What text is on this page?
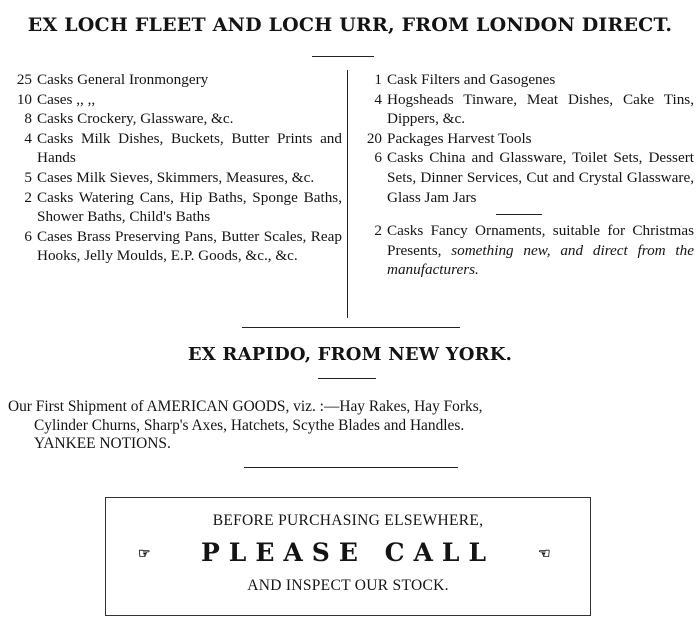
EX LOCH FLEET AND LOCH URR, FROM LONDON DIRECT.
25 Casks General Ironmongery
10 Cases ,, ,,
8 Casks Crockery, Glassware, &c.
4 Casks Milk Dishes, Buckets, Butter Prints and Hands
5 Cases Milk Sieves, Skimmers, Measures, &c.
2 Casks Watering Cans, Hip Baths, Sponge Baths, Shower Baths, Child's Baths
6 Cases Brass Preserving Pans, Butter Scales, Reap Hooks, Jelly Moulds, E.P. Goods, &c., &c.
1 Cask Filters and Gasogenes
4 Hogsheads Tinware, Meat Dishes, Cake Tins, Dippers, &c.
20 Packages Harvest Tools
6 Casks China and Glassware, Toilet Sets, Dessert Sets, Dinner Services, Cut and Crystal Glassware, Glass Jam Jars
2 Casks Fancy Ornaments, suitable for Christmas Presents, something new, and direct from the manufacturers.
EX RAPIDO, FROM NEW YORK.
Our First Shipment of AMERICAN GOODS, viz. :—Hay Rakes, Hay Forks,
Cylinder Churns, Sharp's Axes, Hatchets, Scythe Blades and Handles.
YANKEE NOTIONS.
BEFORE PURCHASING ELSEWHERE,
☞	PLEASE CALL	☜
AND INSPECT OUR STOCK.
